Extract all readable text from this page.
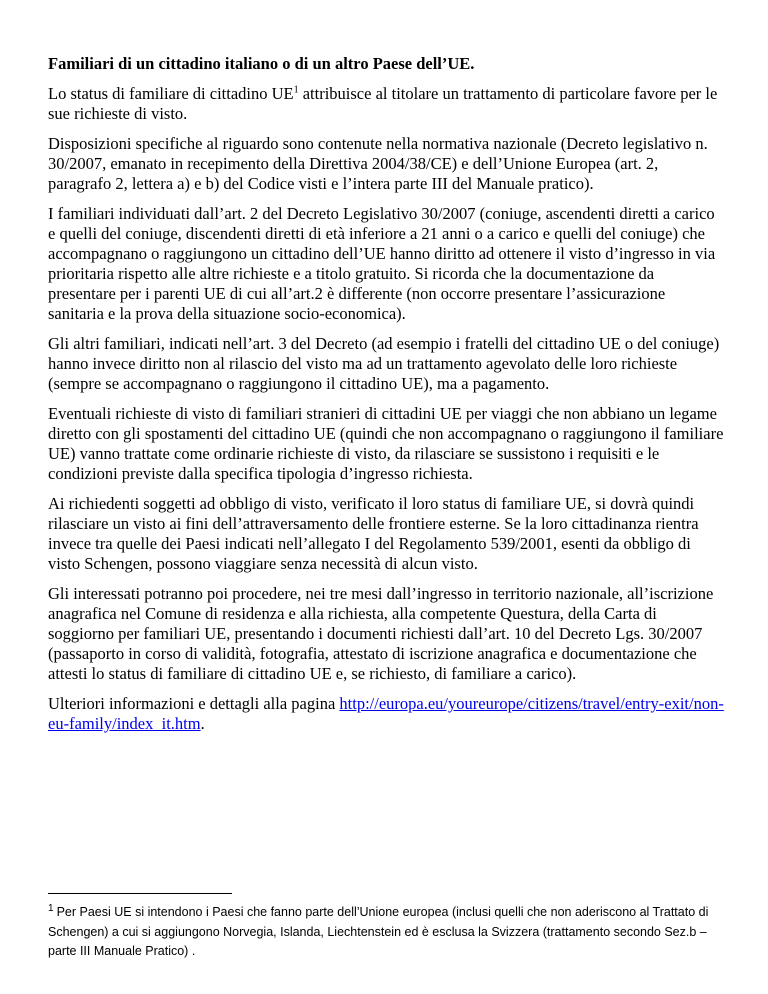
Familiari di un cittadino italiano o di un altro Paese dell’UE.

Lo status di familiare di cittadino UE$^1$ attribuisce al titolare un trattamento di particolare favore per le sue richieste di visto.

Disposizioni specifiche al riguardo sono contenute nella normativa nazionale (Decreto legislativo n. 30/2007, emanato in recepimento della Direttiva 2004/38/CE) e dell’Unione Europea (art. 2, paragrafo 2, lettera a) e b) del Codice visti e l’intera parte III del Manuale pratico).

I familiari individuati dall’art. 2 del Decreto Legislativo 30/2007 (coniuge, ascendenti diretti a carico e quelli del coniuge, discendenti diretti di età inferiore a 21 anni o a carico e quelli del coniuge) che accompagnano o raggiungono un cittadino dell’UE hanno diritto ad ottenere il visto d’ingresso in via prioritaria rispetto alle altre richieste e a titolo gratuito. Si ricorda che la documentazione da presentare per i parenti UE di cui all’art.2 è differente (non occorre presentare l’assicurazione sanitaria e la prova della situazione socio-economica).

Gli altri familiari, indicati nell’art. 3 del Decreto (ad esempio i fratelli del cittadino UE o del coniuge) hanno invece diritto non al rilascio del visto ma ad un trattamento agevolato delle loro richieste (sempre se accompagnano o raggiungono il cittadino UE), ma a pagamento.

Eventuali richieste di visto di familiari stranieri di cittadini UE per viaggi che non abbiano un legame diretto con gli spostamenti del cittadino UE (quindi che non accompagnano o raggiungono il familiare UE) vanno trattate come ordinarie richieste di visto, da rilasciare se sussistono i requisiti e le condizioni previste dalla specifica tipologia d’ingresso richiesta.

Ai richiedenti soggetti ad obbligo di visto, verificato il loro status di familiare UE, si dovrà quindi rilasciare un visto ai fini dell’attraversamento delle frontiere esterne. Se la loro cittadinanza rientra invece tra quelle dei Paesi indicati nell’allegato I del Regolamento 539/2001, esenti da obbligo di visto Schengen, possono viaggiare senza necessità di alcun visto.

Gli interessati potranno poi procedere, nei tre mesi dall’ingresso in territorio nazionale, all’iscrizione anagrafica nel Comune di residenza e alla richiesta, alla competente Questura, della Carta di soggiorno per familiari UE, presentando i documenti richiesti dall’art. 10 del Decreto Lgs. 30/2007 (passaporto in corso di validità, fotografia, attestato di iscrizione anagrafica e documentazione che attesti lo status di familiare di cittadino UE e, se richiesto, di familiare a carico).

Ulteriori informazioni e dettagli alla pagina http://europa.eu/youreurope/citizens/travel/entry-exit/non-eu-family/index_it.htm.

$^1$ Per Paesi UE si intendono i Paesi che fanno parte dell’Unione europea (inclusi quelli che non aderiscono al Trattato di Schengen) a cui si aggiungono Norvegia, Islanda, Liechtenstein ed è esclusa la Svizzera (trattamento secondo Sez.b – parte III Manuale Pratico) .
